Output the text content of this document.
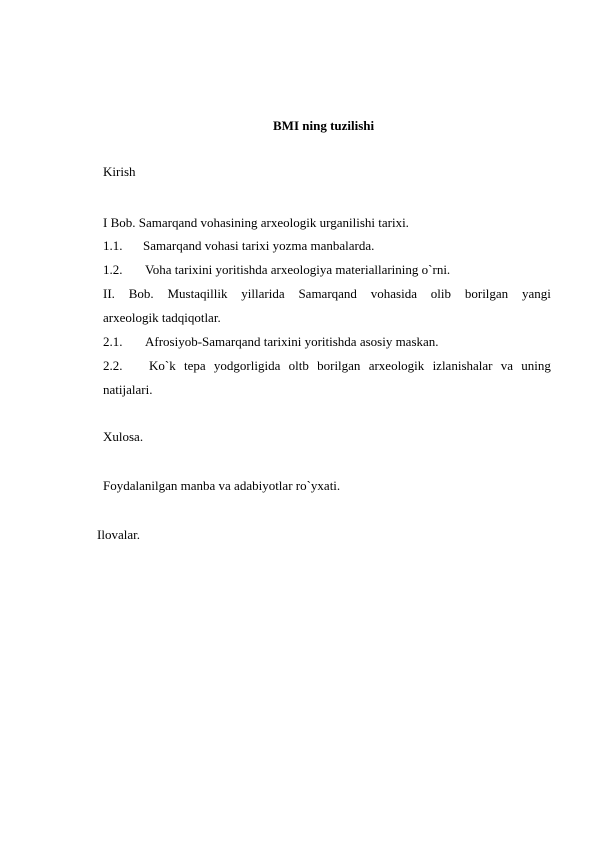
BMI ning tuzilishi
Kirish
I Bob. Samarqand vohasining arxeologik urganilishi tarixi.
1.1. Samarqand vohasi tarixi yozma manbalarda.
1.2. Voha tarixini yoritishda arxeologiya materiallarining o`rni.
II. Bob. Mustaqillik yillarida Samarqand vohasida olib borilgan yangi
arxeologik tadqiqotlar.
2.1. Afrosiyob-Samarqand tarixini yoritishda asosiy maskan.
2.2.	Ko`k tepa yodgorligida oltb borilgan arxeologik izlanishalar va uning
natijalari.
Xulosa.
Foydalanilgan manba va adabiyotlar ro`yxati.
Ilovalar.
